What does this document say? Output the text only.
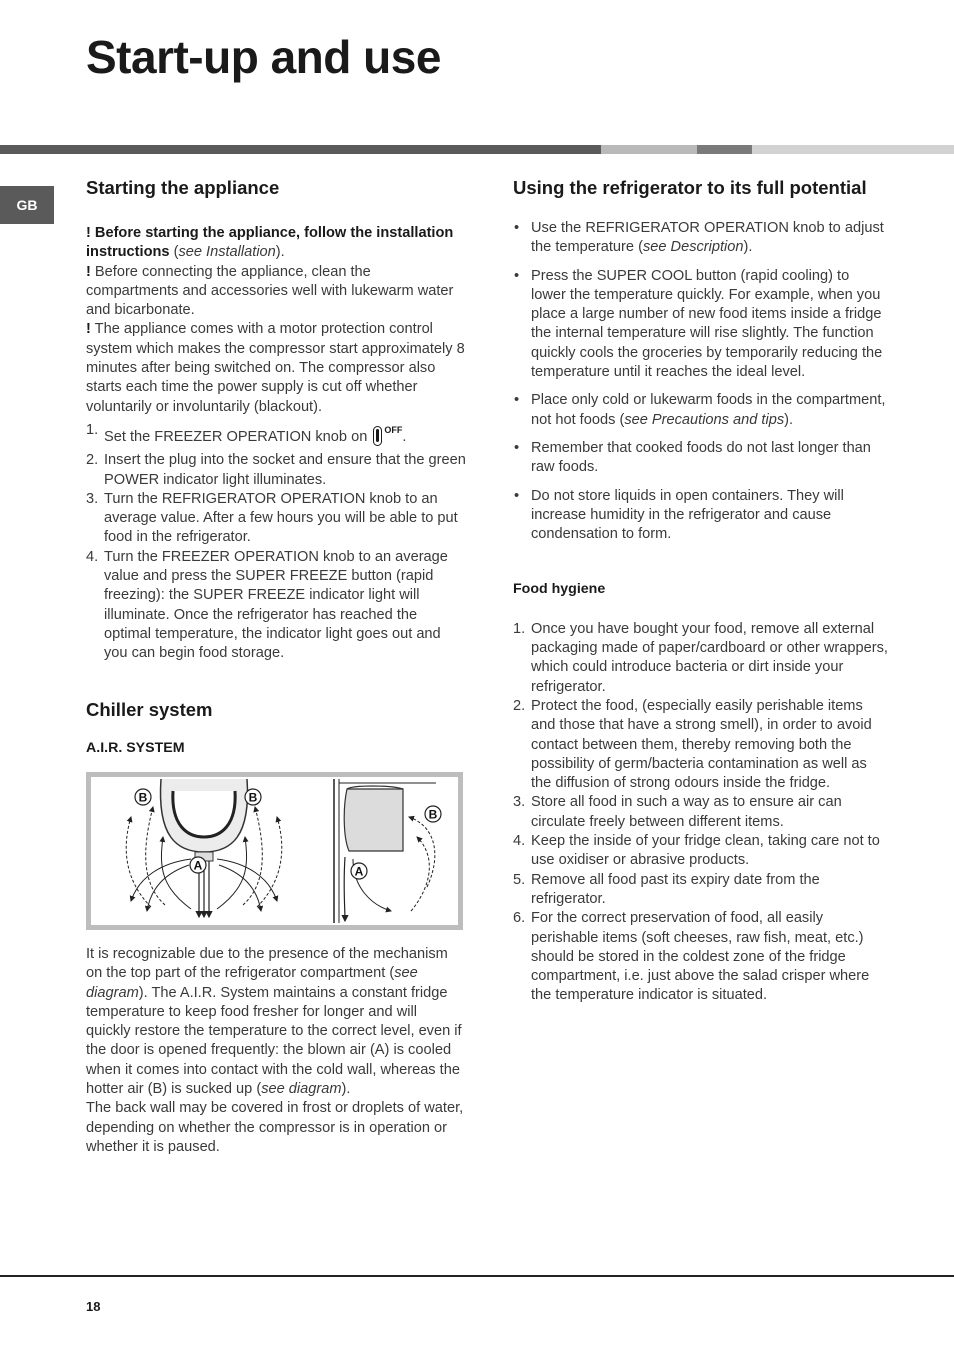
Start-up and use
GB
Starting the appliance

! Before starting the appliance, follow the installation instructions (see Installation).

! Before connecting the appliance, clean the compartments and accessories well with lukewarm water and bicarbonate.

! The appliance comes with a motor protection control system which makes the compressor start approximately 8 minutes after being switched on. The compressor also starts each time the power supply is cut off whether voluntarily or involuntarily (blackout).

1. Set the FREEZER OPERATION knob on $^{OFF}$.
2. Insert the plug into the socket and ensure that the green POWER indicator light illuminates.
3. Turn the REFRIGERATOR OPERATION knob to an average value. After a few hours you will be able to put food in the refrigerator.
4. Turn the FREEZER OPERATION knob to an average value and press the SUPER FREEZE button (rapid freezing): the SUPER FREEZE indicator light will illuminate. Once the refrigerator has reached the optimal temperature, the indicator light goes out and you can begin food storage.
Chiller system
A.I.R. SYSTEM
B	B
A	A
B

It is recognizable due to the presence of the mechanism on the top part of the refrigerator compartment (see diagram). The A.I.R. System maintains a constant fridge temperature to keep food fresher for longer and will quickly restore the temperature to the correct level, even if the door is opened frequently: the blown air (A) is cooled when it comes into contact with the cold wall, whereas the hotter air (B) is sucked up (see diagram).

The back wall may be covered in frost or droplets of water, depending on whether the compressor is in operation or whether it is paused.

Using the refrigerator to its full potential
• Use the REFRIGERATOR OPERATION knob to adjust the temperature (see Description).
• Press the SUPER COOL button (rapid cooling) to lower the temperature quickly. For example, when you place a large number of new food items inside a fridge the internal temperature will rise slightly. The function quickly cools the groceries by temporarily reducing the temperature until it reaches the ideal level.
• Place only cold or lukewarm foods in the compartment, not hot foods (see Precautions and tips).
• Remember that cooked foods do not last longer than raw foods.
• Do not store liquids in open containers. They will increase humidity in the refrigerator and cause condensation to form.
Food hygiene
1. Once you have bought your food, remove all external packaging made of paper/cardboard or other wrappers, which could introduce bacteria or dirt inside your refrigerator.
2. Protect the food, (especially easily perishable items and those that have a strong smell), in order to avoid contact between them, thereby removing both the possibility of germ/bacteria contamination as well as the diffusion of strong odours inside the fridge.
3. Store all food in such a way as to ensure air can circulate freely between different items.
4. Keep the inside of your fridge clean, taking care not to use oxidiser or abrasive products.
5. Remove all food past its expiry date from the refrigerator.
6. For the correct preservation of food, all easily perishable items (soft cheeses, raw fish, meat, etc.) should be stored in the coldest zone of the fridge compartment, i.e. just above the salad crisper where the temperature indicator is situated.
18
